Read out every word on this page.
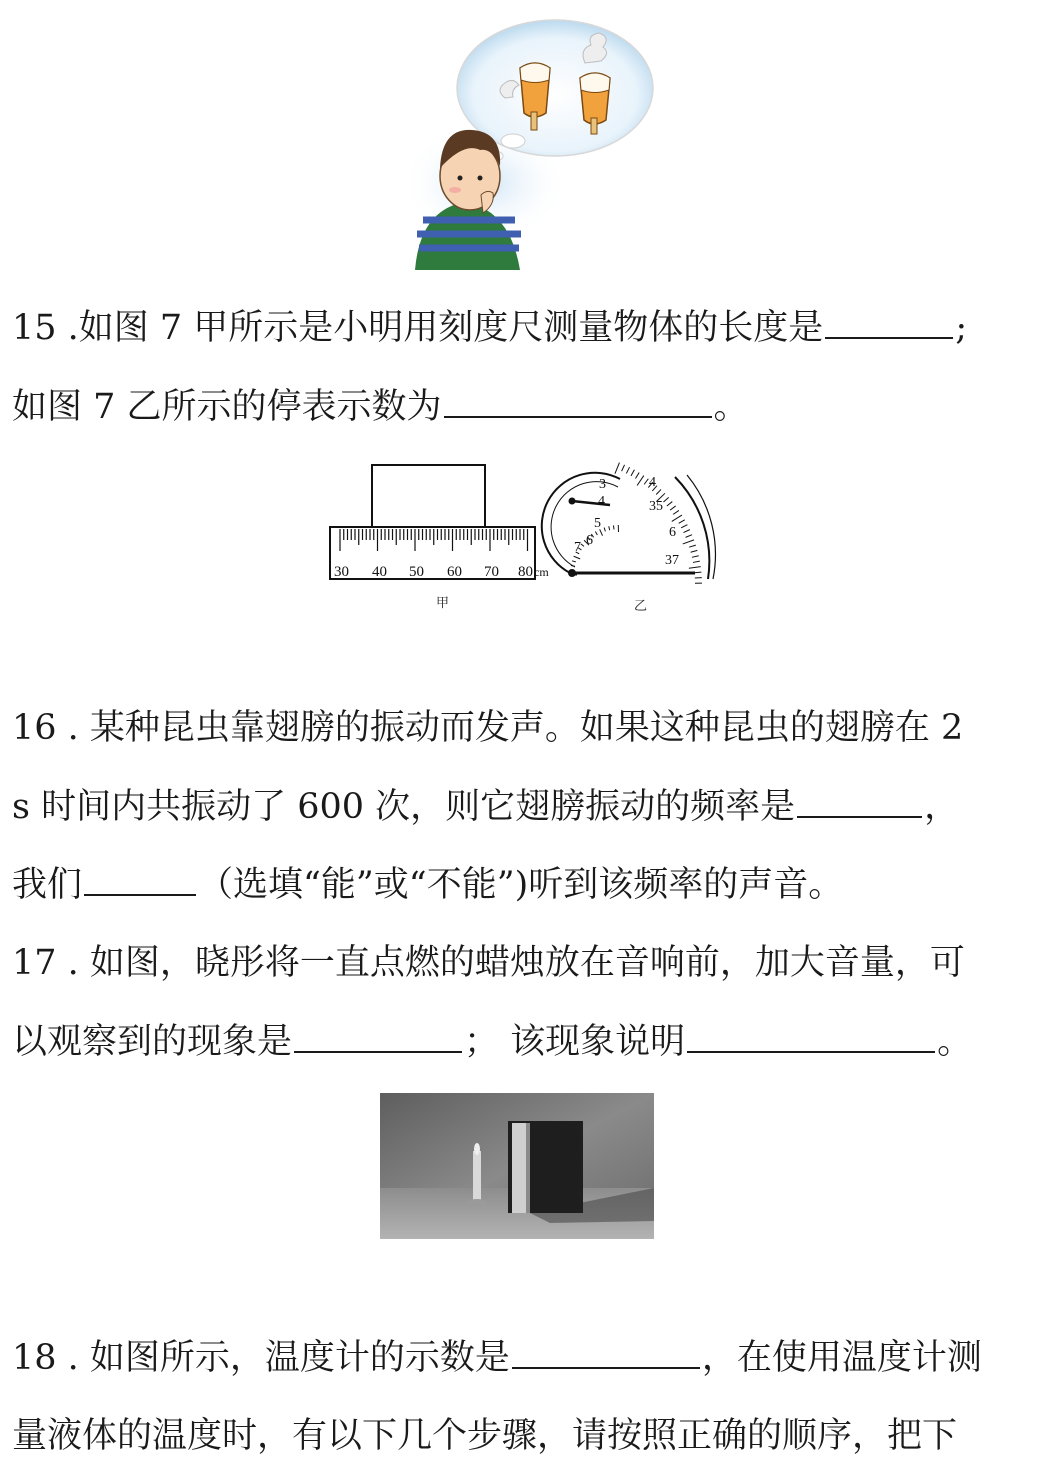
15 .如图 7 甲所示是小明用刻度尺测量物体的长度是	;
如图 7 乙所示的停表示数为	。
30 40 50 60 70 80 cm
甲
3
4
5
6
7
4
35
6
37
乙
16 . 某种昆虫靠翅膀的振动而发声。如果这种昆虫的翅膀在 2
s 时间内共振动了 600 次，则它翅膀振动的频率是	，
我们	（选填“能”或“不能”)听到该频率的声音。
17 . 如图，晓彤将一直点燃的蜡烛放在音响前，加大音量，可
以观察到的现象是	； 该现象说明	。
18 . 如图所示，温度计的示数是	，在使用温度计测
量液体的温度时，有以下几个步骤，请按照正确的顺序，把下
